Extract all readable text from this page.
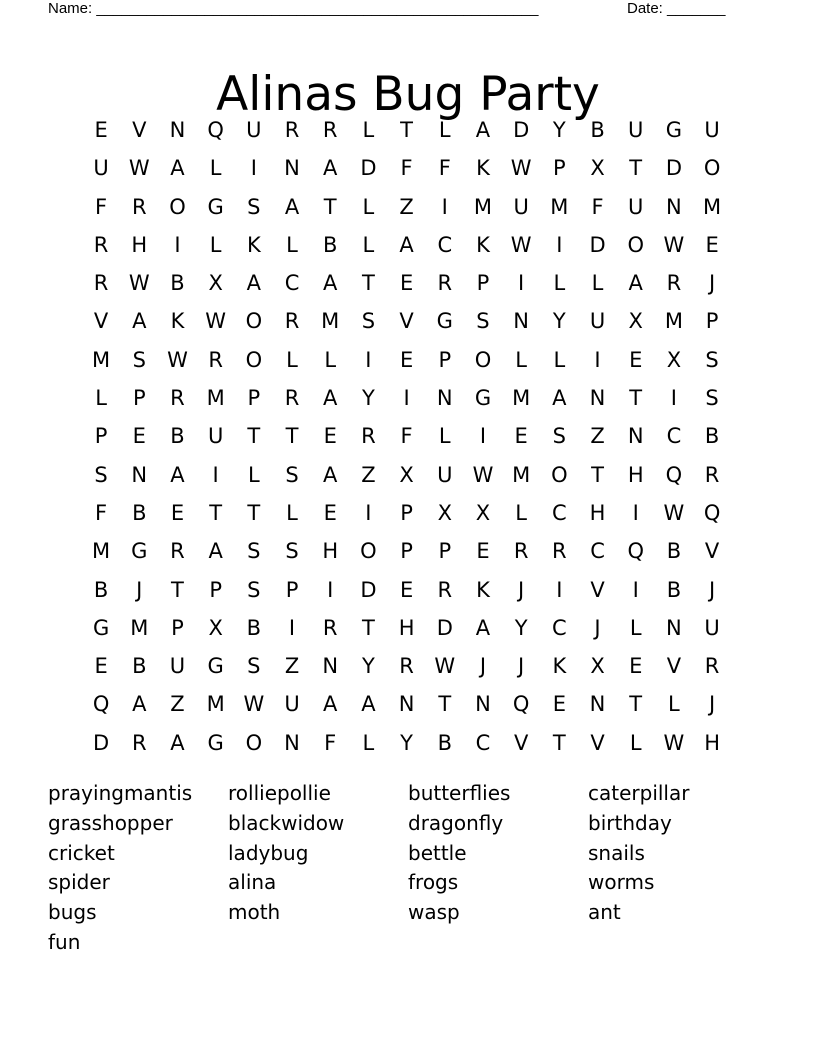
Name: _____________________________________________________	Date: _______
Alinas Bug Party
E	V	N	Q	U	R	R	L	T	L	A	D	Y	B	U	G	U
U W A	L	I	N	A	D	F	F	K W	P	X	T	D	O
F	R	O	G	S	A	T	L	Z	I	M	U	M	F	U	N	M
R	H	I	L	K	L	B	L	A	C	K W	I	D	O W	E
R W B	X	A	C	A	T	E	R	P	I	L	L	A	R	J
V	A	K W O	R	M	S	V	G	S	N	Y	U	X	M	P
M	S	W R	O	L	L	I	E	P	O	L	L	I	E	X	S
L	P	R	M	P	R	A	Y	I	N	G M	A	N	T	I	S
P	E	B	U	T	T	E	R	F	L	I	E	S	Z	N	C	B
S	N	A	I	L	S	A	Z	X	U W M O	T	H	Q	R
F	B	E	T	T	L	E	I	P	X	X	L	C	H	I	W Q
M G	R	A	S	S	H	O	P	P	E	R	R	C	Q	B	V
B	J	T	P	S	P	I	D	E	R	K	J	I	V	I	B	J
G M	P	X	B	I	R	T	H	D	A	Y	C	J	L	N	U
E	B	U	G	S	Z	N	Y	R W	J	J	K	X	E	V	R
Q	A	Z	M W U	A	A	N	T	N	Q	E	N	T	L	J
D	R	A	G	O	N	F	L	Y	B	C	V	T	V	L	W H
prayingmantis	rolliepollie	butterflies	caterpillar
grasshopper	blackwidow	dragonfly	birthday
cricket	ladybug	bettle	snails
spider	alina	frogs	worms
bugs	moth	wasp	ant
fun
